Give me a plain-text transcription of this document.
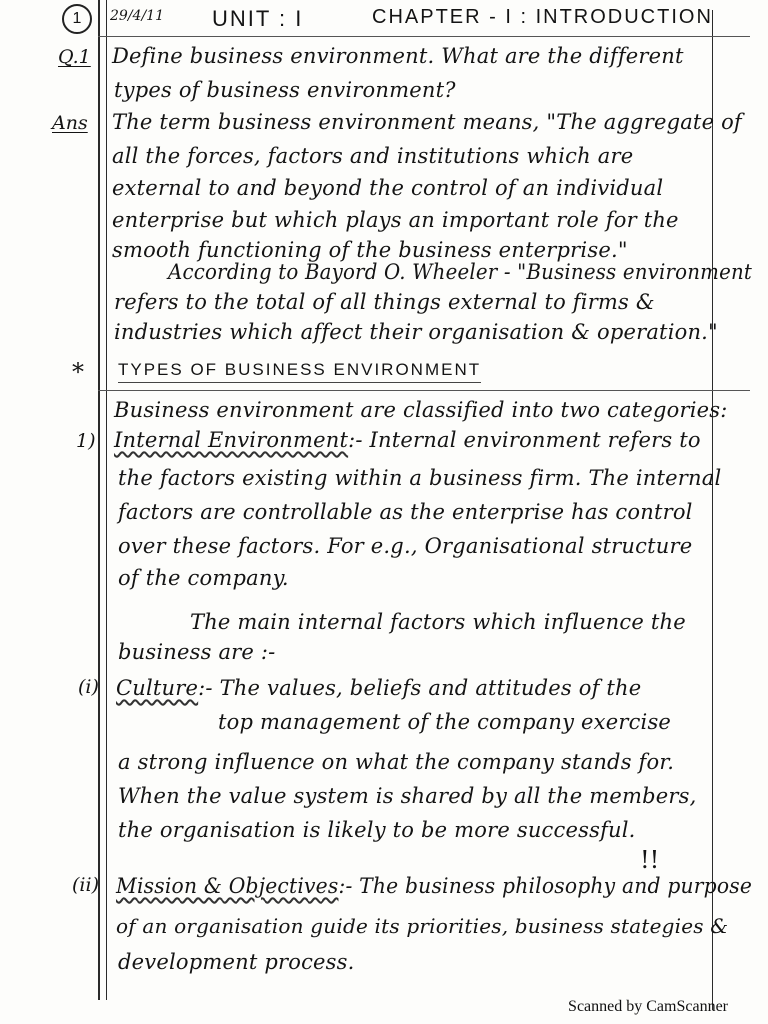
1	29/4/11 UNIT : I	CHAPTER - I : INTRODUCTION
Q.1 Define business environment. What are the different
types of business environment?
Ans The term business environment means, "The aggregate of
all the forces, factors and institutions which are
external to and beyond the control of an individual
enterprise but which plays an important role for the
smooth functioning of the business enterprise."
According to Bayord O. Wheeler - "Business environment
refers to the total of all things external to firms &
industries which affect their organisation & operation."
* TYPES OF BUSINESS ENVIRONMENT
Business environment are classified into two categories:
1) Internal Environment:- Internal environment refers to
the factors existing within a business firm. The internal
factors are controllable as the enterprise has control
over these factors. For e.g., Organisational structure
of the company.
The main internal factors which influence the
business are :-
(i) Culture:- The values, beliefs and attitudes of the
top management of the company exercise
a strong influence on what the company stands for.
When the value system is shared by all the members,
the organisation is likely to be more successful.
(ii)
!!
Mission & Objectives:- The business philosophy and purpose
of an organisation guide its priorities, business stategies &
development process.
Scanned by CamScanner
